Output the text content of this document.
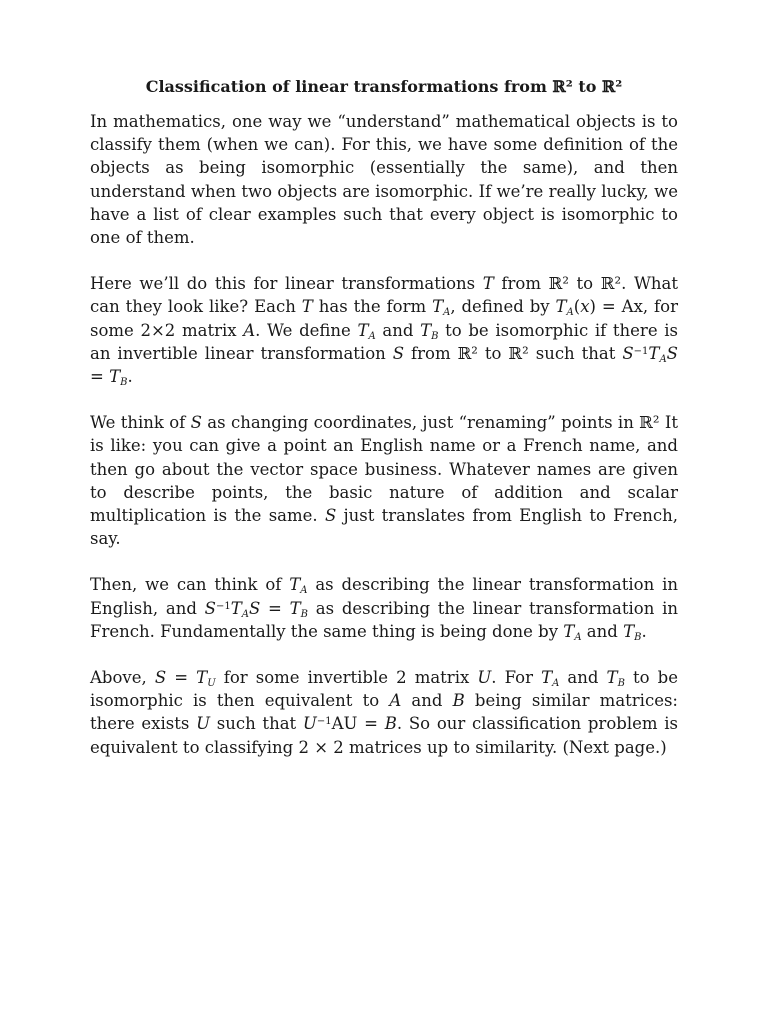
Classification of linear transformations from ℝ² to ℝ²

In mathematics, one way we “understand” mathematical objects is to classify them (when we can). For this, we have some definition of the objects as being isomorphic (essentially the same), and then understand when two objects are isomorphic. If we’re really lucky, we have a list of clear examples such that every object is isomorphic to one of them.

Here we’ll do this for linear transformations T from ℝ² to ℝ². What can they look like? Each T has the form $T_A$, defined by $T_A(x) = Ax$, for some 2×2 matrix A. We define $T_A$ and $T_B$ to be isomorphic if there is an invertible linear transformation S from ℝ² to ℝ² such that $S^{-1}T_AS = T_B$.

We think of S as changing coordinates, just “renaming” points in ℝ² It is like: you can give a point an English name or a French name, and then go about the vector space business. Whatever names are given to describe points, the basic nature of addition and scalar multiplication is the same. S just translates from English to French, say.

Then, we can think of $T_A$ as describing the linear transformation in English, and $S^{-1}T_AS = T_B$ as describing the linear transformation in French. Fundamentally the same thing is being done by $T_A$ and $T_B$.

Above, $S = T_U$ for some invertible 2 matrix U. For $T_A$ and $T_B$ to be isomorphic is then equivalent to A and B being similar matrices: there exists U such that $U^{-1}AU = B$. So our classification problem is equivalent to classifying 2 × 2 matrices up to similarity. (Next page.)
